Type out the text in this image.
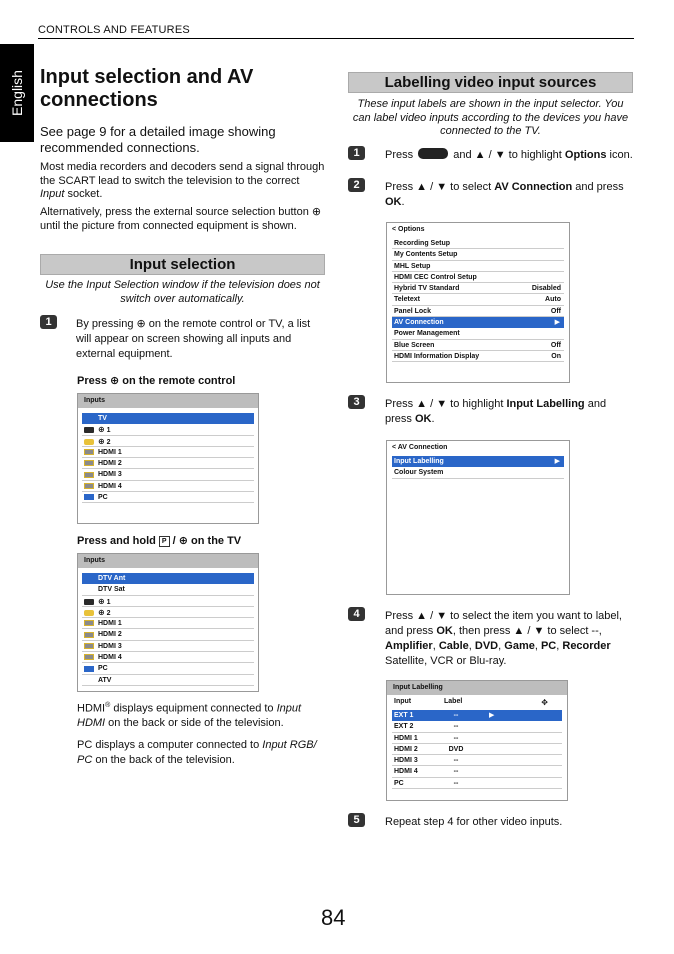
CONTROLS AND FEATURES
English Input selection and AV connections
See page 9 for a detailed image showing recommended connections.
Most media recorders and decoders send a signal through the SCART lead to switch the television to the correct Input socket.
Alternatively, press the external source selection button ⊕ until the picture from connected equipment is shown.
Input selection
Use the Input Selection window if the television does not switch over automatically.
1	By pressing ⊕ on the remote control or TV, a list will appear on screen showing all inputs and external equipment.
Press ⊕ on the remote control
Inputs
TV
⊕ 1
⊕ 2
HDMI 1
HDMI 2
HDMI 3
HDMI 4
PC
Press and hold P / ⊕ on the TV
Inputs
DTV Ant
DTV Sat
⊕ 1
⊕ 2
HDMI 1
HDMI 2
HDMI 3
HDMI 4
PC
ATV
HDMI® displays equipment connected to Input HDMI on the back or side of the television.
PC displays a computer connected to Input RGB/ PC on the back of the television.
Labelling video input sources
These input labels are shown in the input selector. You can label video inputs according to the devices you have connected to the TV.
1	Press	and ▲ / ▼ to highlight Options icon.
2	Press ▲ / ▼ to select AV Connection and press OK.
< Options
Recording Setup
My Contents Setup
MHL Setup
HDMI CEC Control Setup
Hybrid TV Standard	Disabled
Teletext	Auto
Panel Lock	Off
AV Connection	▶
Power Management
Blue Screen	Off
HDMI Information Display	On
3	Press ▲ / ▼ to highlight Input Labelling and press OK.
< AV Connection
Input Labelling	▶
Colour System
4	Press ▲ / ▼ to select the item you want to label, and press OK, then press ▲ / ▼ to select --, Amplifier, Cable, DVD, Game, PC, Recorder Satellite, VCR or Blu-ray.
Input Labelling
Input	Label	✥
EXT 1	--	▶
EXT 2	--
HDMI 1	--
HDMI 2	DVD
HDMI 3	--
HDMI 4	--
PC	--
5	Repeat step 4 for other video inputs.
84
